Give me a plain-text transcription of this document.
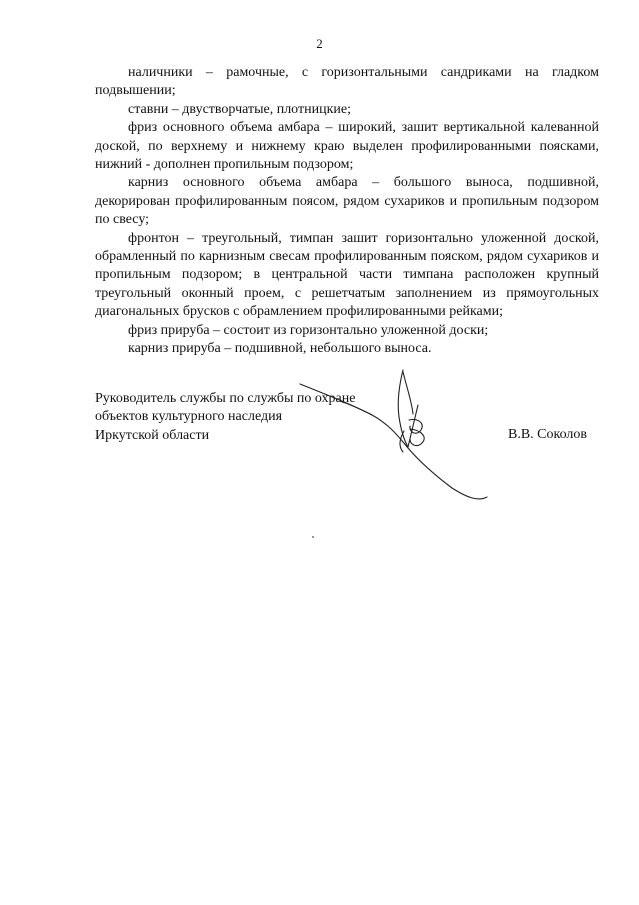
2

наличники – рамочные, с горизонтальными сандриками на гладком подвышении;

ставни – двустворчатые, плотницкие;

фриз основного объема амбара – широкий, зашит вертикальной калеванной доской, по верхнему и нижнему краю выделен профилированными поясками, нижний - дополнен пропильным подзором;

карниз основного объема амбара – большого выноса, подшивной, декорирован профилированным поясом, рядом сухариков и пропильным подзором по свесу;

фронтон – треугольный, тимпан зашит горизонтально уложенной доской, обрамленный по карнизным свесам профилированным пояском, рядом сухариков и пропильным подзором; в центральной части тимпана расположен крупный треугольный оконный проем, с решетчатым заполнением из прямоугольных диагональных брусков с обрамлением профилированными рейками;

фриз прируба – состоит из горизонтально уложенной доски;

карниз прируба – подшивной, небольшого выноса.

Руководитель службы по службы по охране

объектов культурного наследия

Иркутской области	В.В. Соколов
